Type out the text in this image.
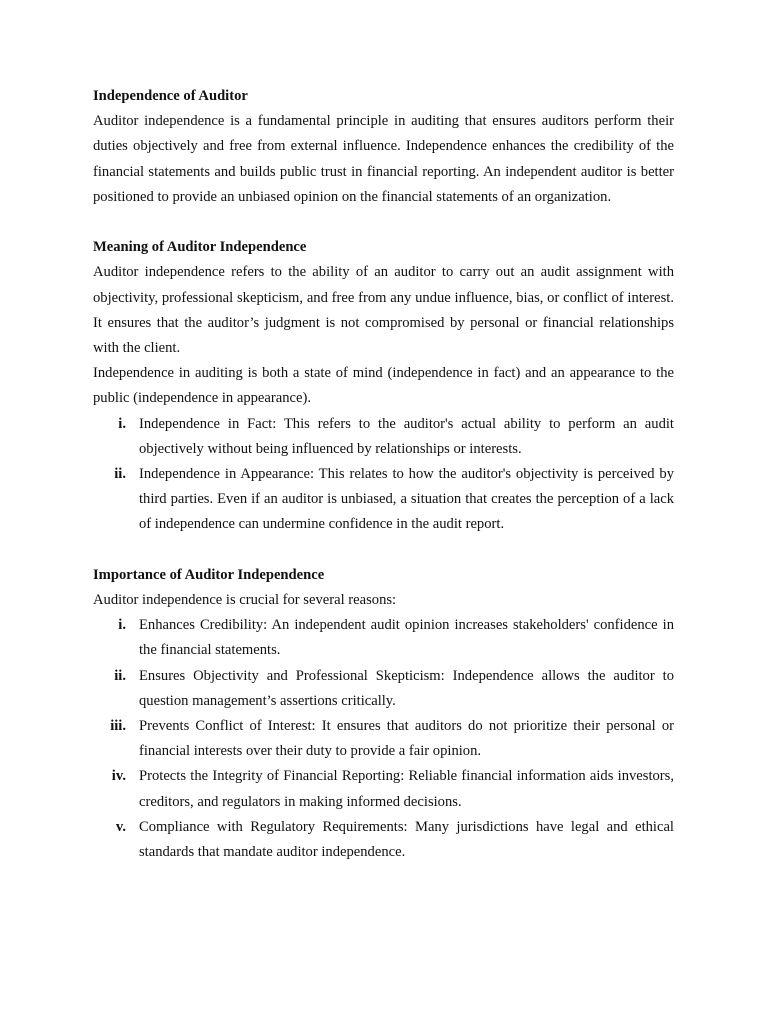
Independence of Auditor

Auditor independence is a fundamental principle in auditing that ensures auditors perform their duties objectively and free from external influence. Independence enhances the credibility of the financial statements and builds public trust in financial reporting. An independent auditor is better positioned to provide an unbiased opinion on the financial statements of an organization.

Meaning of Auditor Independence

Auditor independence refers to the ability of an auditor to carry out an audit assignment with objectivity, professional skepticism, and free from any undue influence, bias, or conflict of interest. It ensures that the auditor’s judgment is not compromised by personal or financial relationships with the client.

Independence in auditing is both a state of mind (independence in fact) and an appearance to the public (independence in appearance).

i. Independence in Fact: This refers to the auditor's actual ability to perform an audit objectively without being influenced by relationships or interests.
ii. Independence in Appearance: This relates to how the auditor's objectivity is perceived by third parties. Even if an auditor is unbiased, a situation that creates the perception of a lack of independence can undermine confidence in the audit report.

Importance of Auditor Independence

Auditor independence is crucial for several reasons:

i. Enhances Credibility: An independent audit opinion increases stakeholders' confidence in the financial statements.
ii. Ensures Objectivity and Professional Skepticism: Independence allows the auditor to question management’s assertions critically.
iii. Prevents Conflict of Interest: It ensures that auditors do not prioritize their personal or financial interests over their duty to provide a fair opinion.
iv. Protects the Integrity of Financial Reporting: Reliable financial information aids investors, creditors, and regulators in making informed decisions.
v. Compliance with Regulatory Requirements: Many jurisdictions have legal and ethical standards that mandate auditor independence.
